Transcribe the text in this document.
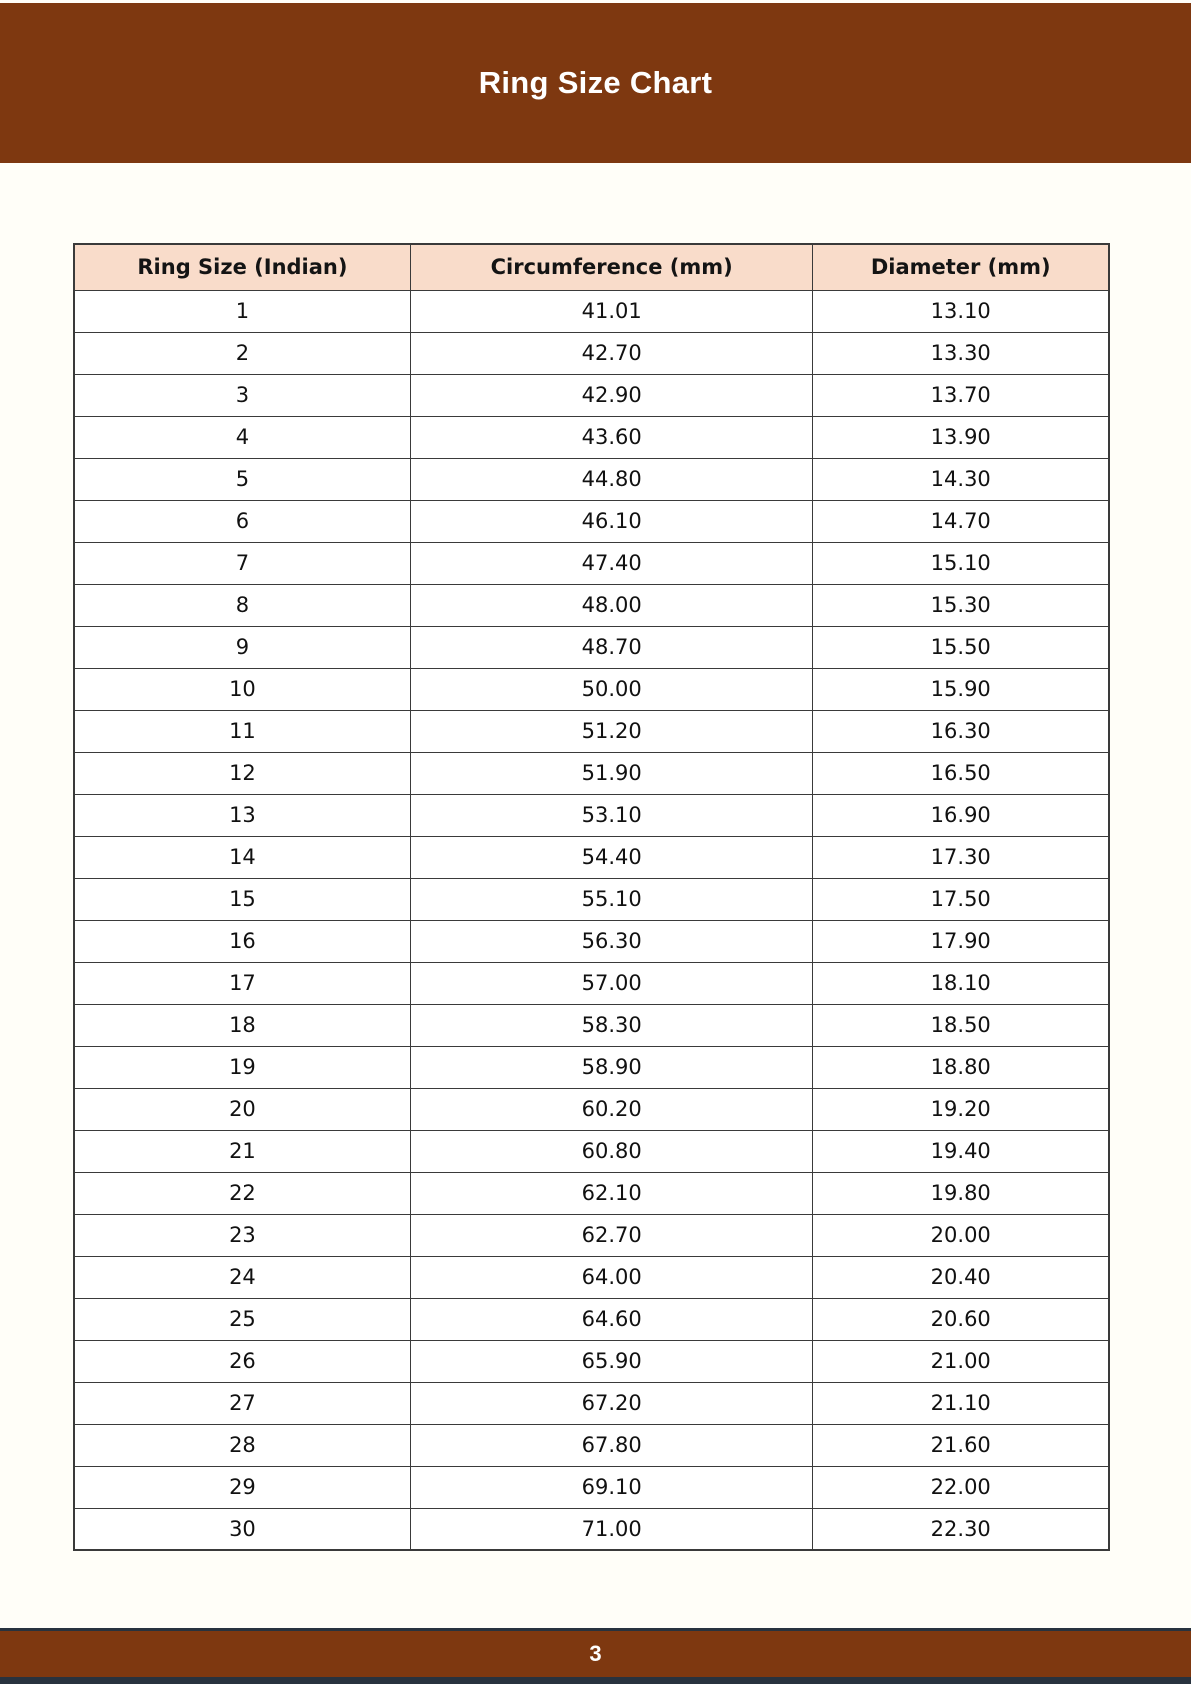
Ring Size Chart
Ring Size (Indian)	Circumference (mm)	Diameter (mm)
1	41.01	13.10
2	42.70	13.30
3	42.90	13.70
4	43.60	13.90
5	44.80	14.30
6	46.10	14.70
7	47.40	15.10
8	48.00	15.30
9	48.70	15.50
10	50.00	15.90
11	51.20	16.30
12	51.90	16.50
13	53.10	16.90
14	54.40	17.30
15	55.10	17.50
16	56.30	17.90
17	57.00	18.10
18	58.30	18.50
19	58.90	18.80
20	60.20	19.20
21	60.80	19.40
22	62.10	19.80
23	62.70	20.00
24	64.00	20.40
25	64.60	20.60
26	65.90	21.00
27	67.20	21.10
28	67.80	21.60
29	69.10	22.00
30	71.00	22.30
3
